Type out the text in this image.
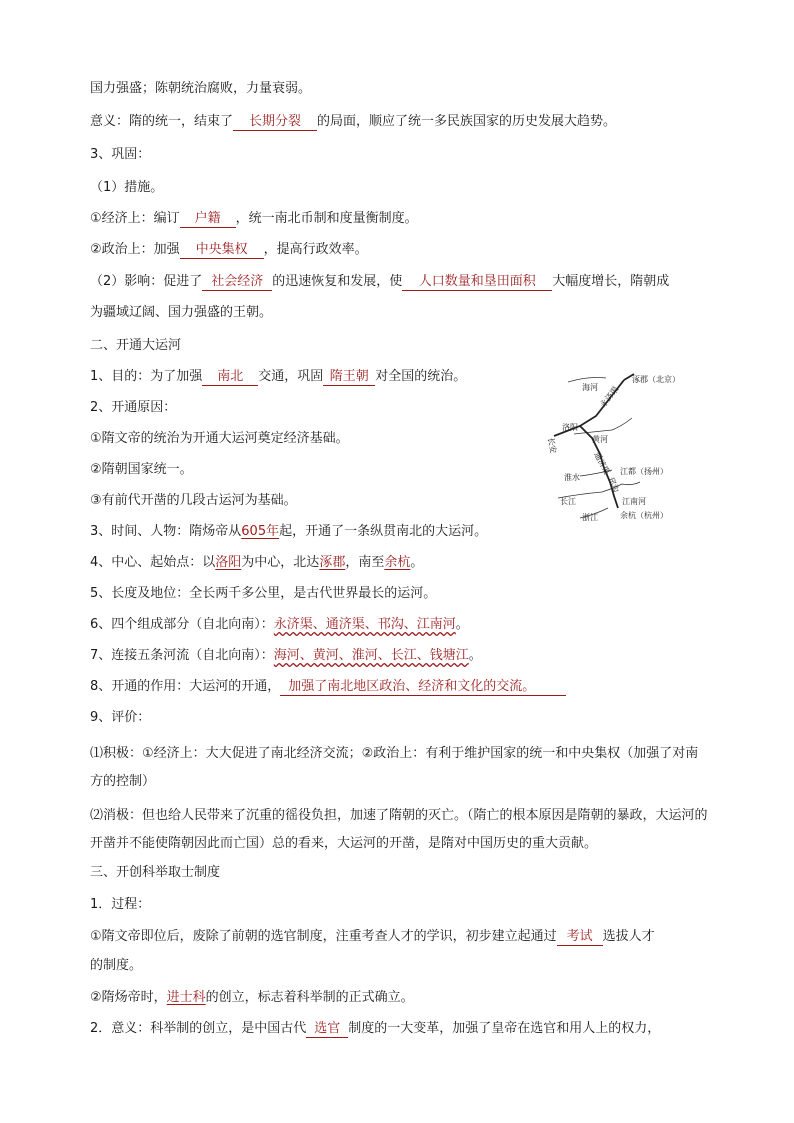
国力强盛；陈朝统治腐败，力量衰弱。
意义：隋的统一，结束了 长期分裂 的局面，顺应了统一多民族国家的历史发展大趋势。
3、巩固：
（1）措施。
①经济上：编订 户籍 ，统一南北币制和度量衡制度。
②政治上：加强 中央集权 ，提高行政效率。
（2）影响：促进了 社会经济 的迅速恢复和发展，使 人口数量和垦田面积 大幅度增长，隋朝成
为疆域辽阔、国力强盛的王朝。
二、开通大运河
1、目的：为了加强 南北 交通，巩固 隋王朝 对全国的统治。
2、开通原因：
①隋文帝的统治为开通大运河奠定经济基础。
②隋朝国家统一。
③有前代开凿的几段古运河为基础。
3、时间、人物：隋炀帝从605年起，开通了一条纵贯南北的大运河。
4、中心、起始点：以洛阳为中心，北达涿郡，南至余杭。
5、长度及地位：全长两千多公里，是古代世界最长的运河。
6、四个组成部分（自北向南）：永济渠、通济渠、邗沟、江南河。
7、连接五条河流（自北向南）：海河、黄河、淮河、长江、钱塘江。
8、开通的作用：大运河的开通， 加强了南北地区政治、经济和文化的交流。
9、评价：
⑴积极：①经济上：大大促进了南北经济交流；②政治上：有利于维护国家的统一和中央集权（加强了对南方的控制）
⑵消极：但也给人民带来了沉重的徭役负担，加速了隋朝的灭亡。（隋亡的根本原因是隋朝的暴政，大运河的开凿并不能使隋朝因此而亡国）总的看来，大运河的开凿，是隋对中国历史的重大贡献。
三、开创科举取士制度
1．过程：
①隋文帝即位后，废除了前朝的选官制度，注重考查人才的学识，初步建立起通过 考试 选拔人才
的制度。
②隋炀帝时，进士科的创立，标志着科举制的正式确立。
2．意义：科举制的创立，是中国古代 选官 制度的一大变革，加强了皇帝在选官和用人上的权力，
涿郡（北京）
海河 永济渠
洛阳
长安	黄河
通济渠
淮水	邗沟
江都（扬州）
长江
浙江
江南河
余杭（杭州）
